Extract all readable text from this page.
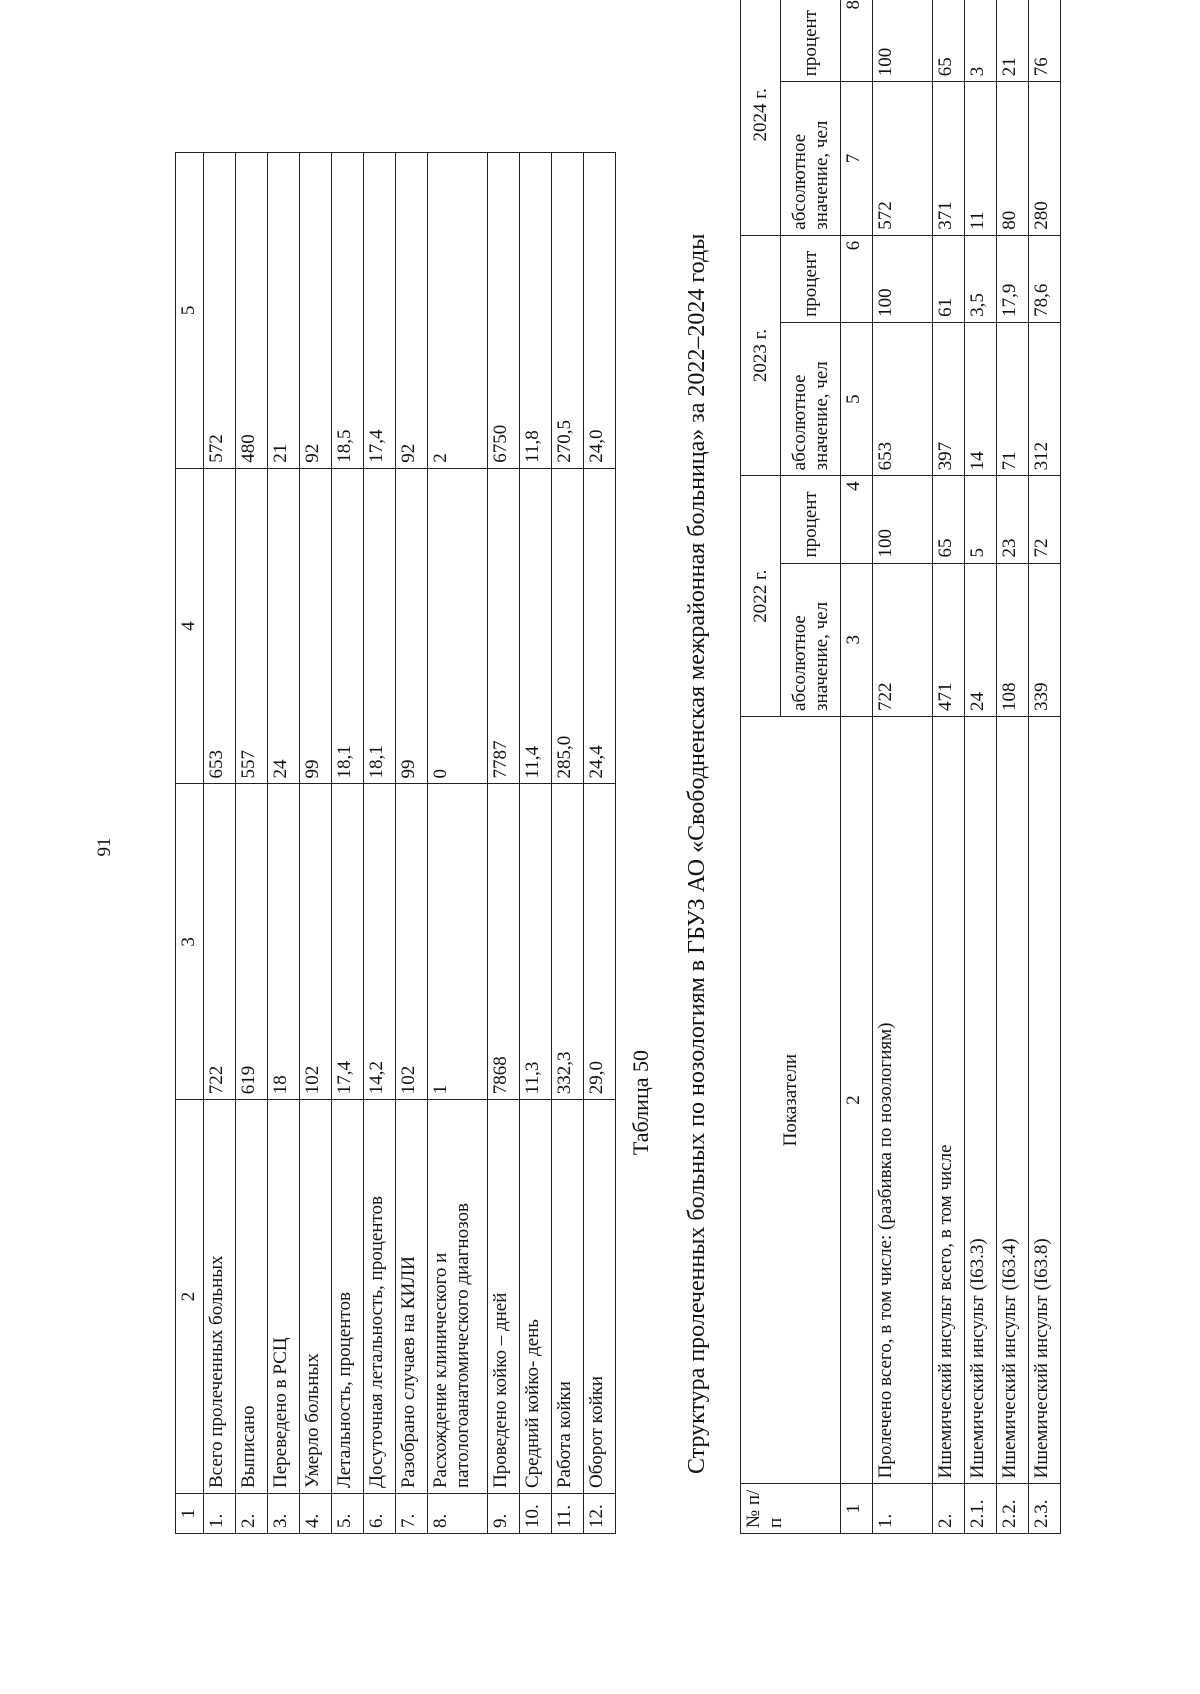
91
1	2	3	4	5
1.	Всего пролеченных больных	722	653	572
2.	Выписано	619	557	480
3.	Переведено в РСЦ	18	24	21
4.	Умерло больных	102	99	92
5.	Летальность, процентов	17,4	18,1	18,5
6.	Досуточная летальность, процентов	14,2	18,1	17,4
7.	Разобрано случаев на КИЛИ	102	99	92
8.	Расхождение клинического и патологоанатомического диагнозов	1	0	2
9.	Проведено койко – дней	7868	7787	6750
10.	Средний койко- день	11,3	11,4	11,8
11.	Работа койки	332,3	285,0	270,5
12.	Оборот койки	29,0	24,4	24,0
Таблица 50 Структура пролеченных больных по нозологиям в ГБУЗ АО «Свободненская межрайонная больница» за 2022–2024 годы
№ п/п	Показатели	2022 г.		2023 г.		2024 г.	
		абсолютное значение, чел	процент	абсолютное значение, чел	процент	абсолютное значение, чел	процент
1	2	3	4	5	6	7	8
1.	Пролечено всего, в том числе: (разбивка по нозологиям)	722	100	653	100	572	100
2.	Ишемический инсульт всего, в том числе	471	65	397	61	371	65
2.1.	Ишемический инсульт (I63.3)	24	5	14	3,5	11	3
2.2.	Ишемический инсульт (I63.4)	108	23	71	17,9	80	21
2.3.	Ишемический инсульт (I63.8)	339	72	312	78,6	280	76
